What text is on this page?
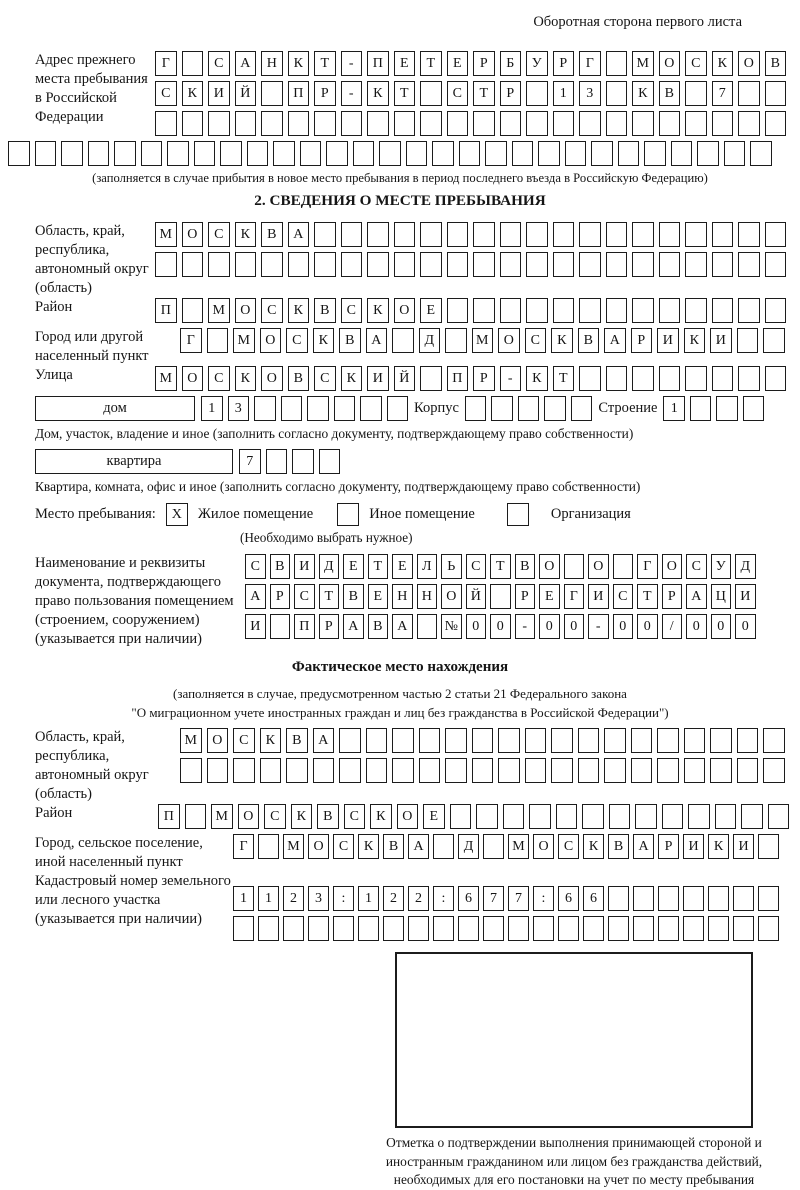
Оборотная сторона первого листа
Адрес прежнего места пребывания в Российской Федерации
Г	С	А	Н	К	Т	-	П	Е	Т	Е	Р	Б	У	Р	Г	М	О	С	К	О	В
С	К	И	Й	П	Р	-	К	Т	С	Т	Р	1	3	К	В	7
(заполняется в случае прибытия в новое место пребывания в период последнего въезда в Российскую Федерацию)
2. СВЕДЕНИЯ О МЕСТЕ ПРЕБЫВАНИЯ
Область, край, республика, автономный округ (область)
М	О	С	К	В	А
Район	П	М	О	С	К	В	С	К	О	Е
Город или другой населенный пункт
Г	М	О	С	К	В	А	Д	М	О	С	К	В	А	Р	И	К	И
Улица	М	О	С	К	О	В	С	К	И	Й	П	Р	-	К	Т
дом	1	3	Корпус	Строение 1
Дом, участок, владение и иное (заполнить согласно документу, подтверждающему право собственности)
квартира	7
Квартира, комната, офис и иное (заполнить согласно документу, подтверждающему право собственности)
Место пребывания:	X	Жилое помещение	Иное помещение	Организация
(Необходимо выбрать нужное)
Наименование и реквизиты документа, подтверждающего право пользования помещением (строением, сооружением) (указывается при наличии)
С	В	И	Д	Е	Т	Е	Л	Ь	С	Т	В	О	О	Г	О	С	У	Д
А	Р	С	Т	В	Е	Н	Н	О	Й	Р	Е	Г	И	С	Т	Р	А	Ц	И
И	П	Р	А	В	А	№	0	0	-	0	0	-	0	0	/	0	0	0
Фактическое место нахождения
(заполняется в случае, предусмотренном частью 2 статьи 21 Федерального закона
"О миграционном учете иностранных граждан и лиц без гражданства в Российской Федерации")
Область, край, республика, автономный округ (область)
М	О	С	К	В	А
Район	П	М	О	С	К	В	С	К	О	Е
Город, сельское поселение, иной населенный пункт
Г	М О	С	К	В	А	Д	М О	С	К	В	А	Р	И	К	И
Кадастровый номер земельного или лесного участка (указывается при наличии)
1	1	2	3	:	1	2	2	:	6	7	7	:	6	6
Отметка о подтверждении выполнения принимающей стороной и иностранным гражданином или лицом без гражданства действий, необходимых для его постановки на учет по месту пребывания
